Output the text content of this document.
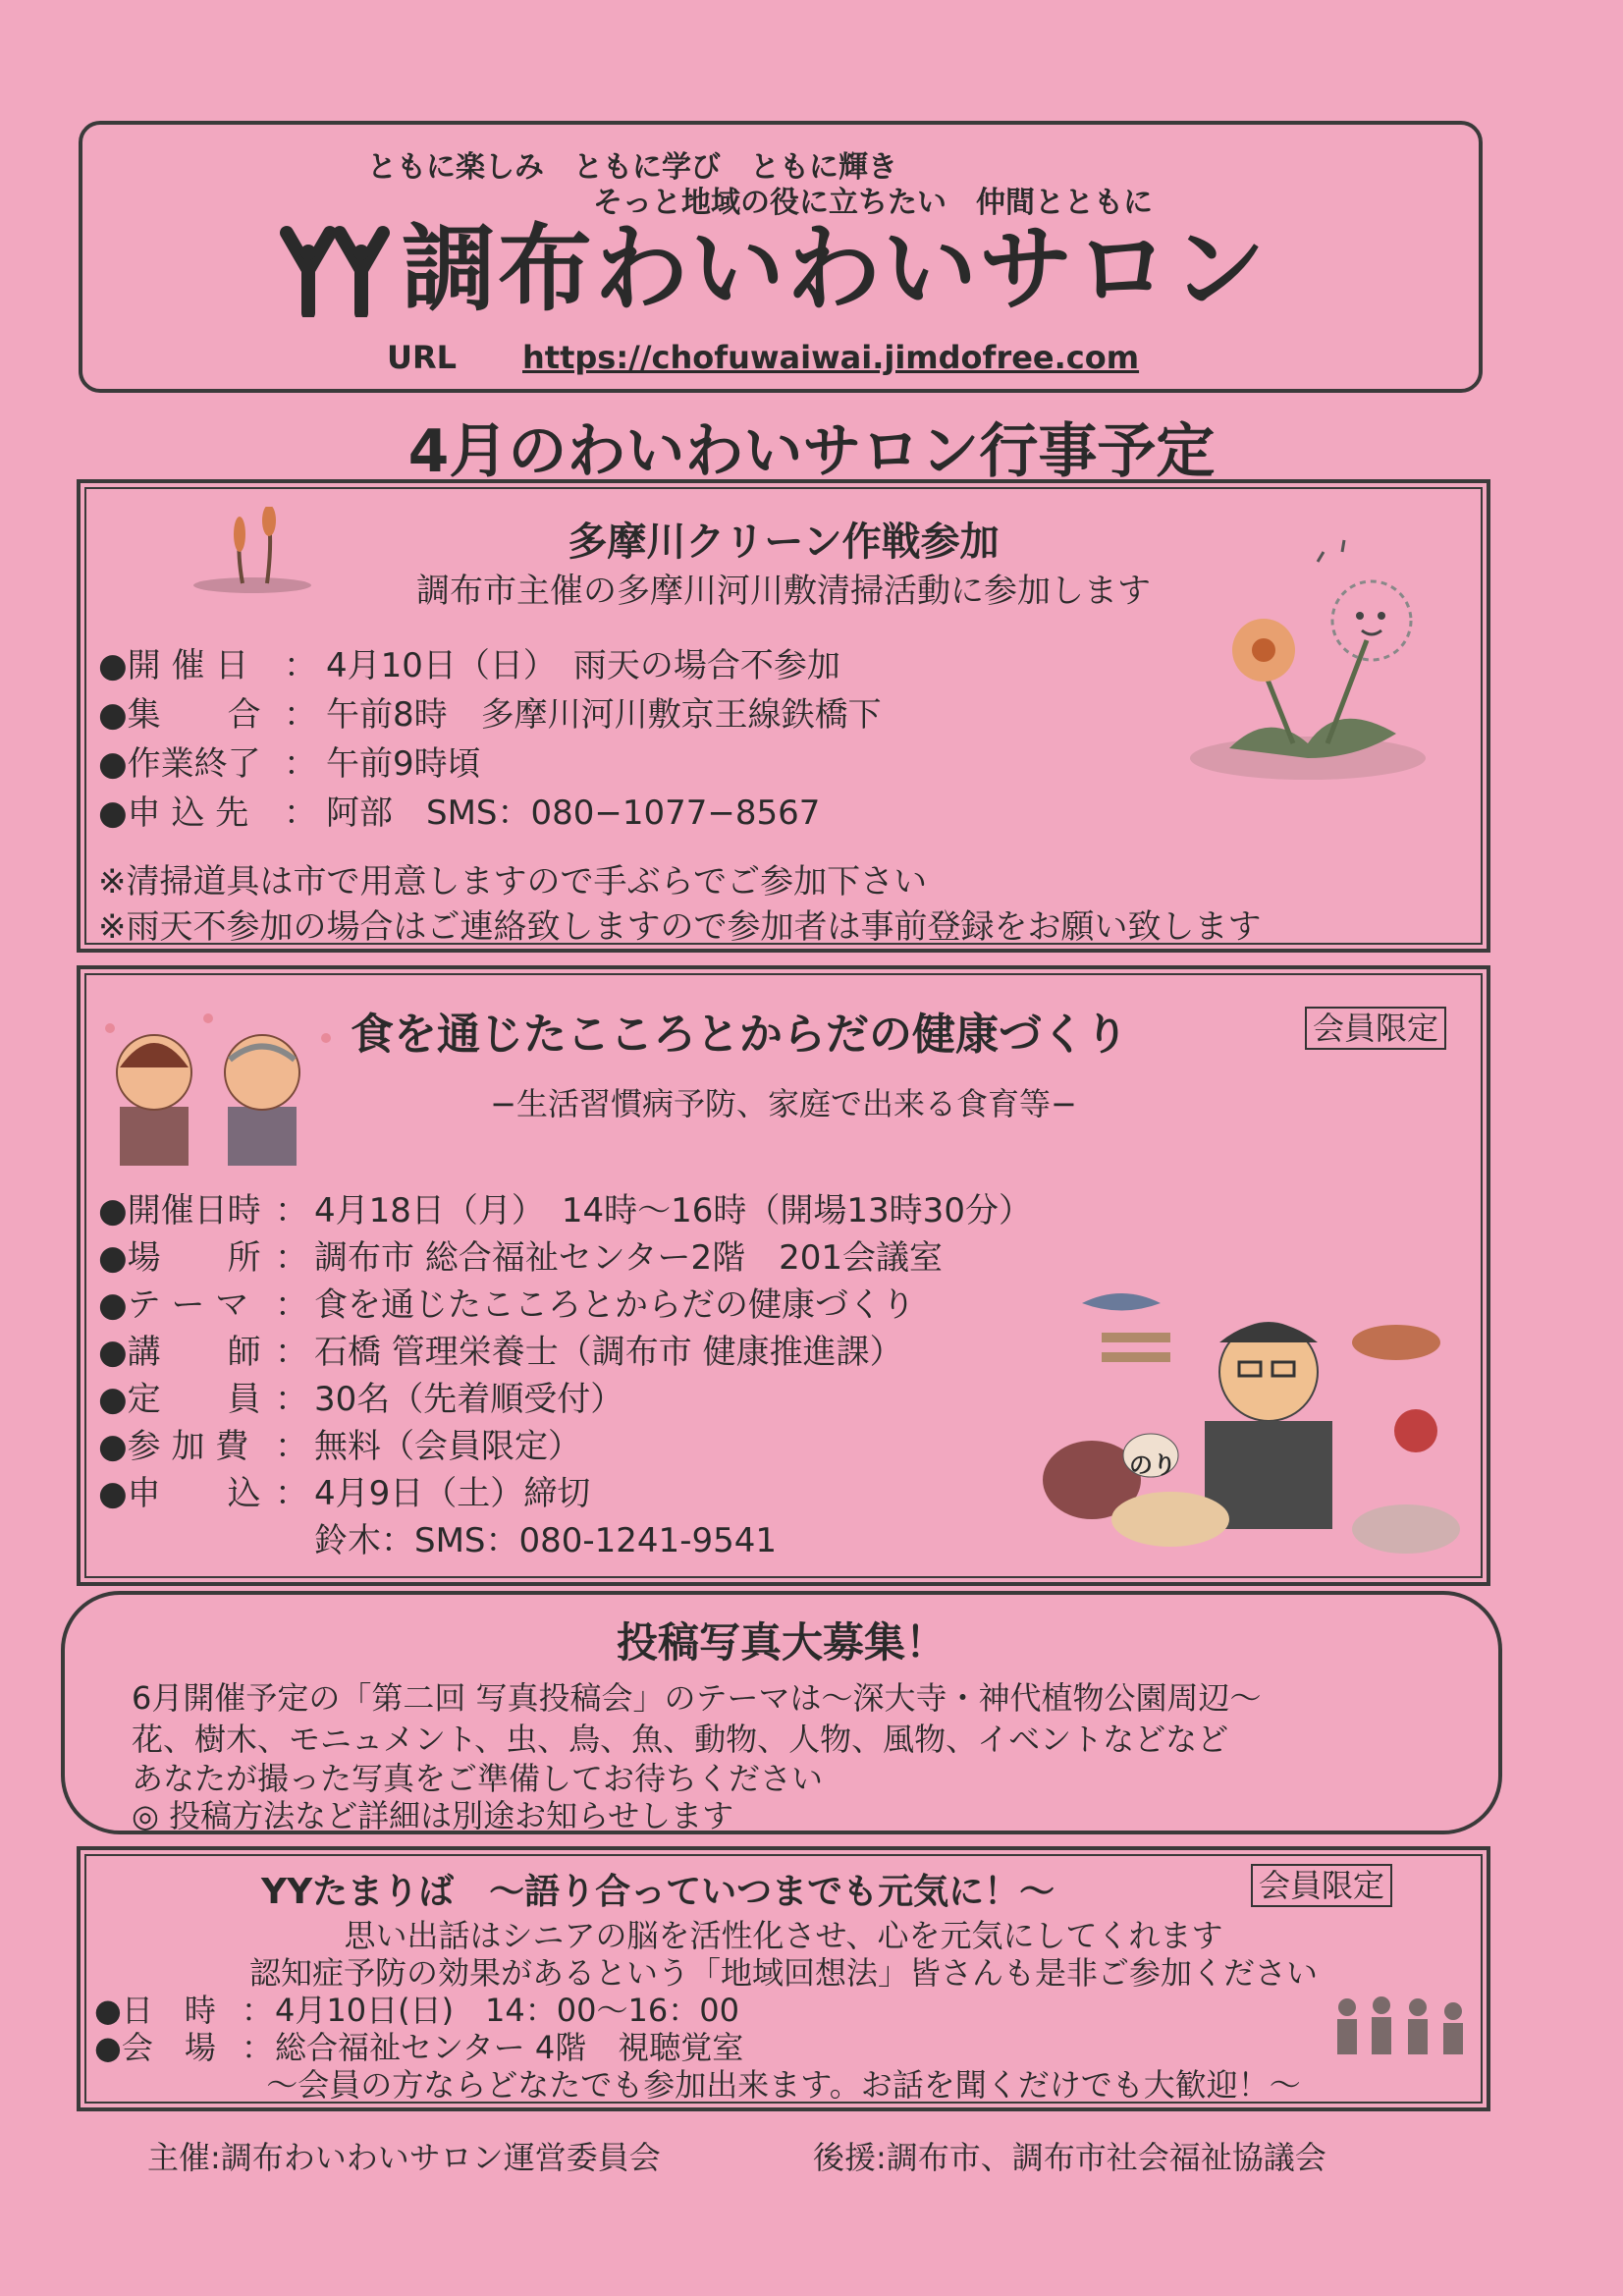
ともに楽しみ　ともに学び　ともに輝き
そっと地域の役に立ちたい　仲間とともに
調布わいわいサロン
URL https://chofuwaiwai.jimdofree.com
4月のわいわいサロン行事予定
多摩川クリーン作戦参加
調布市主催の多摩川河川敷清掃活動に参加します
●開 催 日 ： 4月10日（日）　雨天の場合不参加
●集　　合 ： 午前8時　多摩川河川敷京王線鉄橋下
●作業終了 ： 午前9時頃
●申 込 先 ： 阿部　SMS：080−1077−8567
※清掃道具は市で用意しますので手ぶらでご参加下さい
※雨天不参加の場合はご連絡致しますので参加者は事前登録をお願い致します
食を通じたこころとからだの健康づくり	会員限定
−生活習慣病予防、家庭で出来る食育等−
●開催日時 ： 4月18日（月）　14時〜16時（開場13時30分）
●場　　所 ： 調布市 総合福祉センター2階　201会議室
●テ ー マ ： 食を通じたこころとからだの健康づくり
●講　　師 ： 石橋 管理栄養士（調布市 健康推進課）
●定　　員 ： 30名（先着順受付）
●参 加 費 ： 無料（会員限定）
●申　　込 ： 4月9日（土）締切
鈴木：SMS：080-1241-9541
のり
投稿写真大募集！
6月開催予定の「第二回 写真投稿会」のテーマは〜深大寺・神代植物公園周辺〜
花、樹木、モニュメント、虫、鳥、魚、動物、人物、風物、イベントなどなど
あなたが撮った写真をご準備してお待ちください
◎ 投稿方法など詳細は別途お知らせします
YYたまりば　〜語り合っていつまでも元気に！〜	会員限定
思い出話はシニアの脳を活性化させ、心を元気にしてくれます
認知症予防の効果があるという「地域回想法」皆さんも是非ご参加ください
●日　時 ：4月10日(日)　14：00〜16：00
●会　場 ：総合福祉センター 4階　視聴覚室
〜会員の方ならどなたでも参加出来ます。お話を聞くだけでも大歓迎！〜
主催:調布わいわいサロン運営委員会	後援:調布市、調布市社会福祉協議会
